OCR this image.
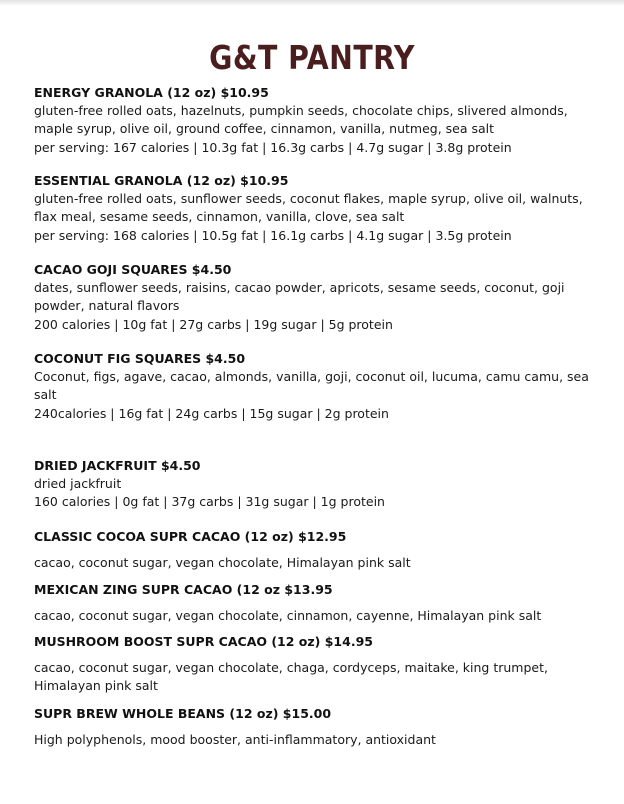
G&T PANTRY
ENERGY GRANOLA (12 oz) $10.95

gluten-free rolled oats, hazelnuts, pumpkin seeds, chocolate chips, slivered almonds, maple syrup, olive oil, ground coffee, cinnamon, vanilla, nutmeg, sea salt

per serving: 167 calories | 10.3g fat | 16.3g carbs | 4.7g sugar | 3.8g protein

ESSENTIAL GRANOLA (12 oz) $10.95

gluten-free rolled oats, sunflower seeds, coconut flakes, maple syrup, olive oil, walnuts, flax meal, sesame seeds, cinnamon, vanilla, clove, sea salt

per serving: 168 calories | 10.5g fat | 16.1g carbs | 4.1g sugar | 3.5g protein

CACAO GOJI SQUARES $4.50

dates, sunflower seeds, raisins, cacao powder, apricots, sesame seeds, coconut, goji powder, natural flavors

200 calories | 10g fat | 27g carbs | 19g sugar | 5g protein

COCONUT FIG SQUARES $4.50

Coconut, figs, agave, cacao, almonds, vanilla, goji, coconut oil, lucuma, camu camu, sea salt

240calories | 16g fat | 24g carbs | 15g sugar | 2g protein

DRIED JACKFRUIT $4.50

dried jackfruit

160 calories | 0g fat | 37g carbs | 31g sugar | 1g protein

CLASSIC COCOA SUPR CACAO (12 oz) $12.95

cacao, coconut sugar, vegan chocolate, Himalayan pink salt

MEXICAN ZING SUPR CACAO (12 oz $13.95

cacao, coconut sugar, vegan chocolate, cinnamon, cayenne, Himalayan pink salt

MUSHROOM BOOST SUPR CACAO (12 oz) $14.95

cacao, coconut sugar, vegan chocolate, chaga, cordyceps, maitake, king trumpet, Himalayan pink salt

SUPR BREW WHOLE BEANS (12 oz) $15.00

High polyphenols, mood booster, anti-inflammatory, antioxidant
